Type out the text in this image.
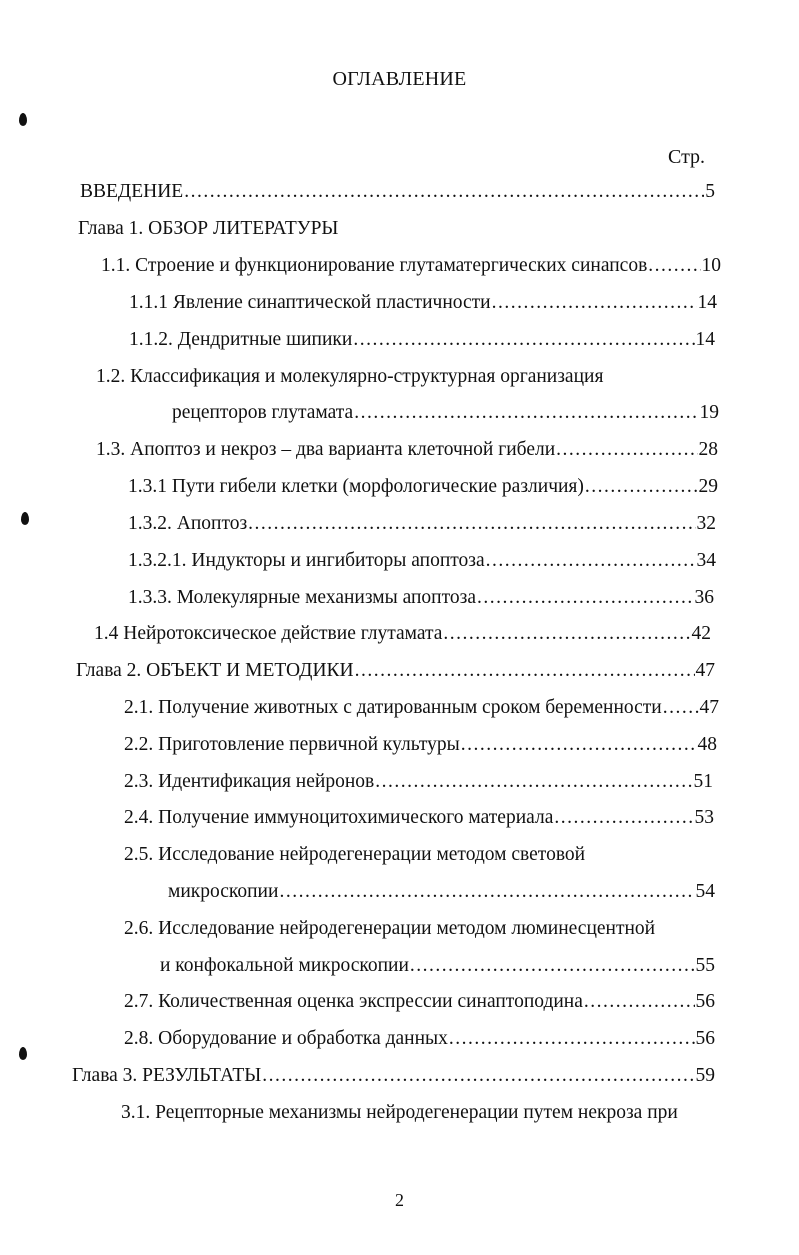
ОГЛАВЛЕНИЕ
Стр.
ВВЕДЕНИЕ .....	5
Глава 1. ОБЗОР ЛИТЕРАТУРЫ
1.1. Строение и функционирование глутаматергических синапсов .....	10
1.1.1 Явление синаптической пластичности .....	14
1.1.2. Дендритные шипики .....	14
1.2. Классификация и молекулярно-структурная организация
рецепторов глутамата .....	19
1.3. Апоптоз и некроз – два варианта клеточной гибели .....	28
1.3.1 Пути гибели клетки (морфологические различия) .....	29
1.3.2. Апоптоз .....	32
1.3.2.1. Индукторы и ингибиторы апоптоза .....	34
1.3.3. Молекулярные механизмы апоптоза .....	36
1.4 Нейротоксическое действие глутамата .....	42
Глава 2. ОБЪЕКТ И МЕТОДИКИ .....	47
2.1. Получение животных с датированным сроком беременности ..... 47
2.2. Приготовление первичной культуры .....	48
2.3. Идентификация нейронов .....	51
2.4. Получение иммуноцитохимического материала .....	53
2.5. Исследование нейродегенерации методом световой
микроскопии .....	54
2.6. Исследование нейродегенерации методом люминесцентной
и конфокальной микроскопии .....	55
2.7. Количественная оценка экспрессии синаптоподина .....	56
2.8. Оборудование и обработка данных .....	56
Глава 3. РЕЗУЛЬТАТЫ .....	59
3.1. Рецепторные механизмы нейродегенерации путем некроза при
2
